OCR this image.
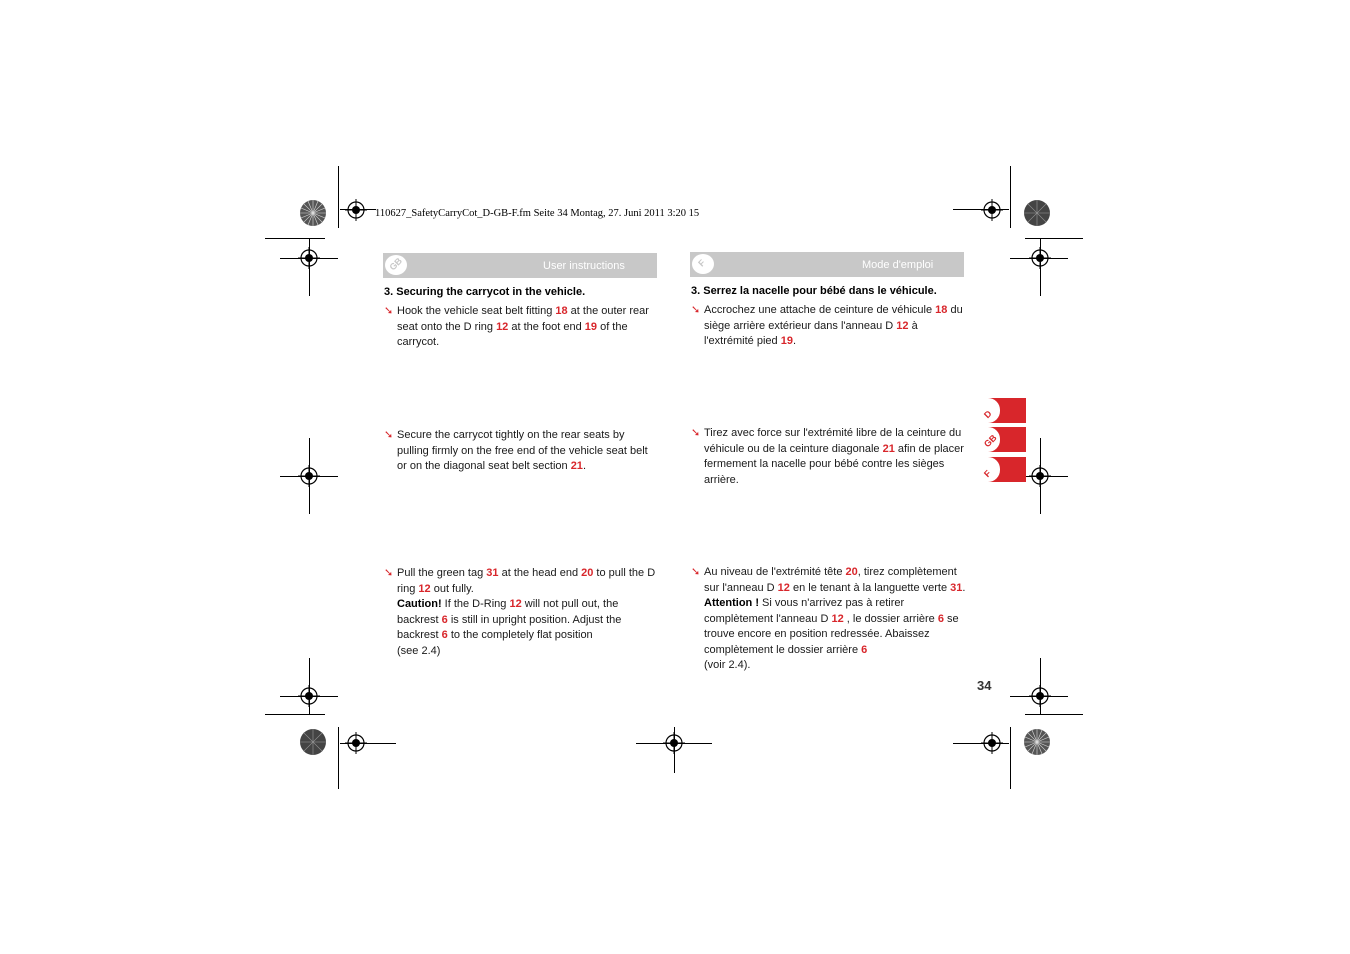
110627_SafetyCarryCot_D-GB-F.fm Seite 34 Montag, 27. Juni 2011 3:20 15
GB	User instructions	F	Mode d'emploi
3. Securing the carrycot in the vehicle.
➘ Hook the vehicle seat belt fitting 18 at the outer rear seat onto the D ring 12 at the foot end 19 of the carrycot.
➘ Secure the carrycot tightly on the rear seats by pulling firmly on the free end of the vehicle seat belt or on the diagonal seat belt section 21.
➘ Pull the green tag 31 at the head end 20 to pull the D ring 12 out fully.
Caution! If the D-Ring 12 will not pull out, the backrest 6 is still in upright position. Adjust the backrest 6 to the completely flat position
(see 2.4)
3. Serrez la nacelle pour bébé dans le véhicule.
➘ Accrochez une attache de ceinture de véhicule 18 du siège arrière extérieur dans l'anneau D 12 à l'extrémité pied 19.
➘ Tirez avec force sur l'extrémité libre de la ceinture du véhicule ou de la ceinture diagonale 21 afin de placer fermement la nacelle pour bébé contre les sièges arrière.
➘ Au niveau de l'extrémité tête 20, tirez complètement sur l'anneau D 12 en le tenant à la languette verte 31.
Attention ! Si vous n'arrivez pas à retirer complètement l'anneau D 12 , le dossier arrière 6 se trouve encore en position redressée. Abaissez complètement le dossier arrière 6
(voir 2.4).
D
GB
F
34
